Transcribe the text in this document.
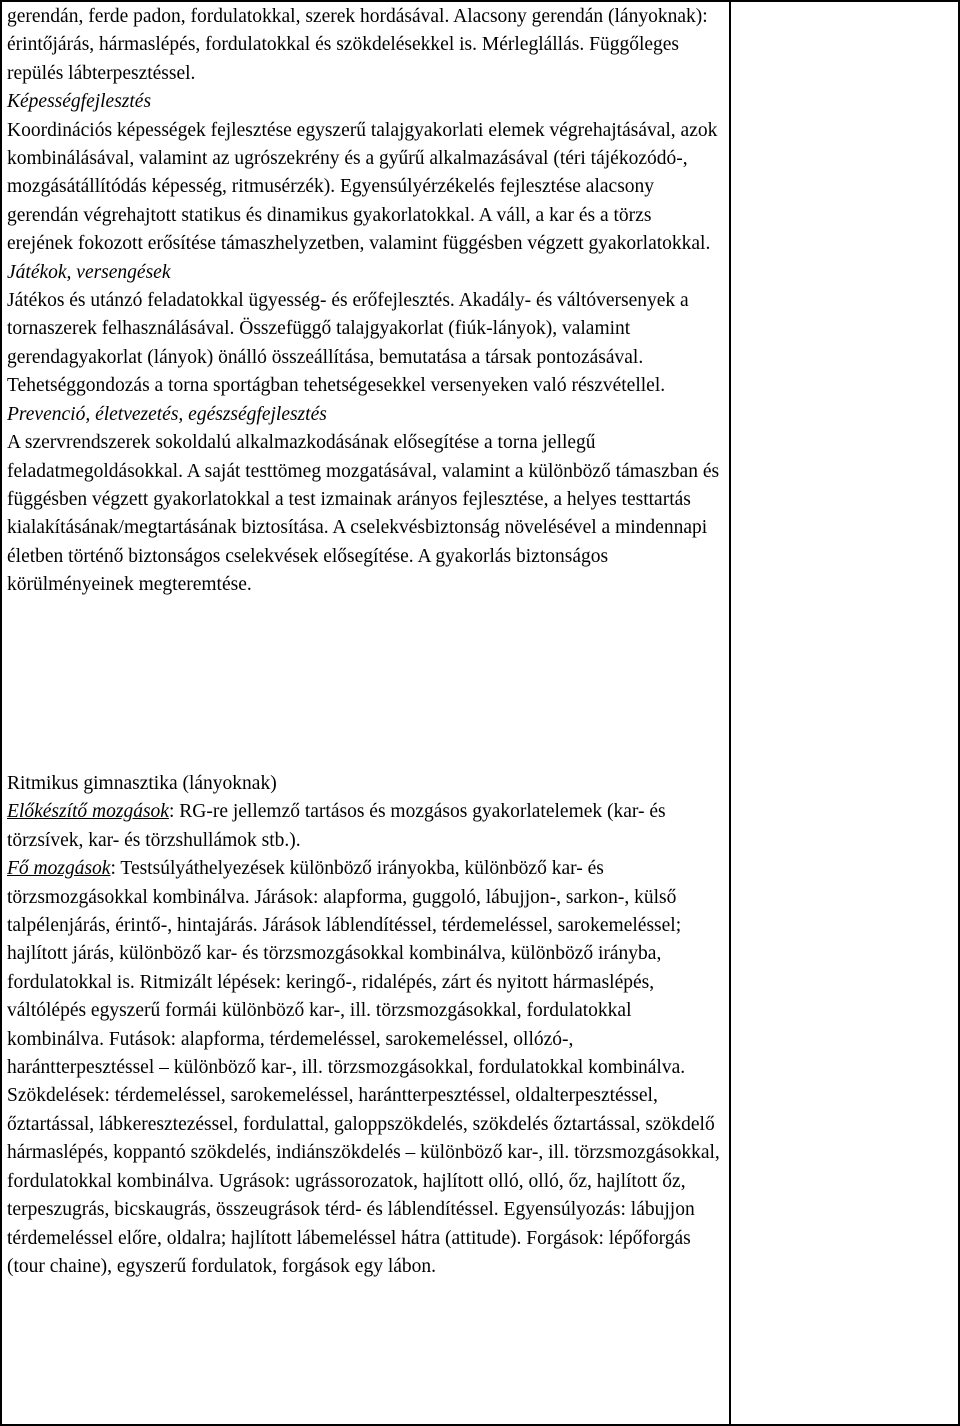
gerendán, ferde padon, fordulatokkal, szerek hordásával. Alacsony gerendán (lányoknak): érintőjárás, hármaslépés, fordulatokkal és szökdelésekkel is. Mérleglállás. Függőleges repülés lábterpesztéssel.

Képességfejlesztés

Koordinációs képességek fejlesztése egyszerű talajgyakorlati elemek végrehajtásával, azok kombinálásával, valamint az ugrószekrény és a gyűrű alkalmazásával (téri tájékozódó-, mozgásátállítódás képesség, ritmusérzék). Egyensúlyérzékelés fejlesztése alacsony gerendán végrehajtott statikus és dinamikus gyakorlatokkal. A váll, a kar és a törzs erejének fokozott erősítése támaszhelyzetben, valamint függésben végzett gyakorlatokkal.

Játékok, versengések

Játékos és utánzó feladatokkal ügyesség- és erőfejlesztés. Akadály- és váltóversenyek a tornaszerek felhasználásával. Összefüggő talajgyakorlat (fiúk-lányok), valamint gerendagyakorlat (lányok) önálló összeállítása, bemutatása a társak pontozásával. Tehetséggondozás a torna sportágban tehetségesekkel versenyeken való részvétellel.

Prevenció, életvezetés, egészségfejlesztés

A szervrendszerek sokoldalú alkalmazkodásának elősegítése a torna jellegű feladatmegoldásokkal. A saját testtömeg mozgatásával, valamint a különböző támaszban és függésben végzett gyakorlatokkal a test izmainak arányos fejlesztése, a helyes testtartás kialakításának/megtartásának biztosítása. A cselekvésbiztonság növelésével a mindennapi életben történő biztonságos cselekvések elősegítése. A gyakorlás biztonságos körülményeinek megteremtése.

Ritmikus gimnasztika (lányoknak)

Előkészítő mozgások: RG-re jellemző tartásos és mozgásos gyakorlatelemek (kar- és törzsívek, kar- és törzshullámok stb.).

Fő mozgások: Testsúlyáthelyezések különböző irányokba, különböző kar- és törzsmozgásokkal kombinálva. Járások: alapforma, guggoló, lábujjon-, sarkon-, külső talpélenjárás, érintő-, hintajárás. Járások láblendítéssel, térdemeléssel, sarokemeléssel; hajlított járás, különböző kar- és törzsmozgásokkal kombinálva, különböző irányba, fordulatokkal is. Ritmizált lépések: keringő-, ridalépés, zárt és nyitott hármaslépés, váltólépés egyszerű formái különböző kar-, ill. törzsmozgásokkal, fordulatokkal kombinálva. Futások: alapforma, térdemeléssel, sarokemeléssel, ollózó-, harántterpesztéssel – különböző kar-, ill. törzsmozgásokkal, fordulatokkal kombinálva. Szökdelések: térdemeléssel, sarokemeléssel, harántterpesztéssel, oldalterpesztéssel, őztartással, lábkeresztezéssel, fordulattal, galoppszökdelés, szökdelés őztartással, szökdelő hármaslépés, koppantó szökdelés, indiánszökdelés – különböző kar-, ill. törzsmozgásokkal, fordulatokkal kombinálva. Ugrások: ugrássorozatok, hajlított olló, olló, őz, hajlított őz, terpeszugrás, bicskaugrás, összeugrások térd- és láblendítéssel. Egyensúlyozás: lábujjon térdemeléssel előre, oldalra; hajlított lábemeléssel hátra (attitude). Forgások: lépőforgás (tour chaine), egyszerű fordulatok, forgások egy lábon.
